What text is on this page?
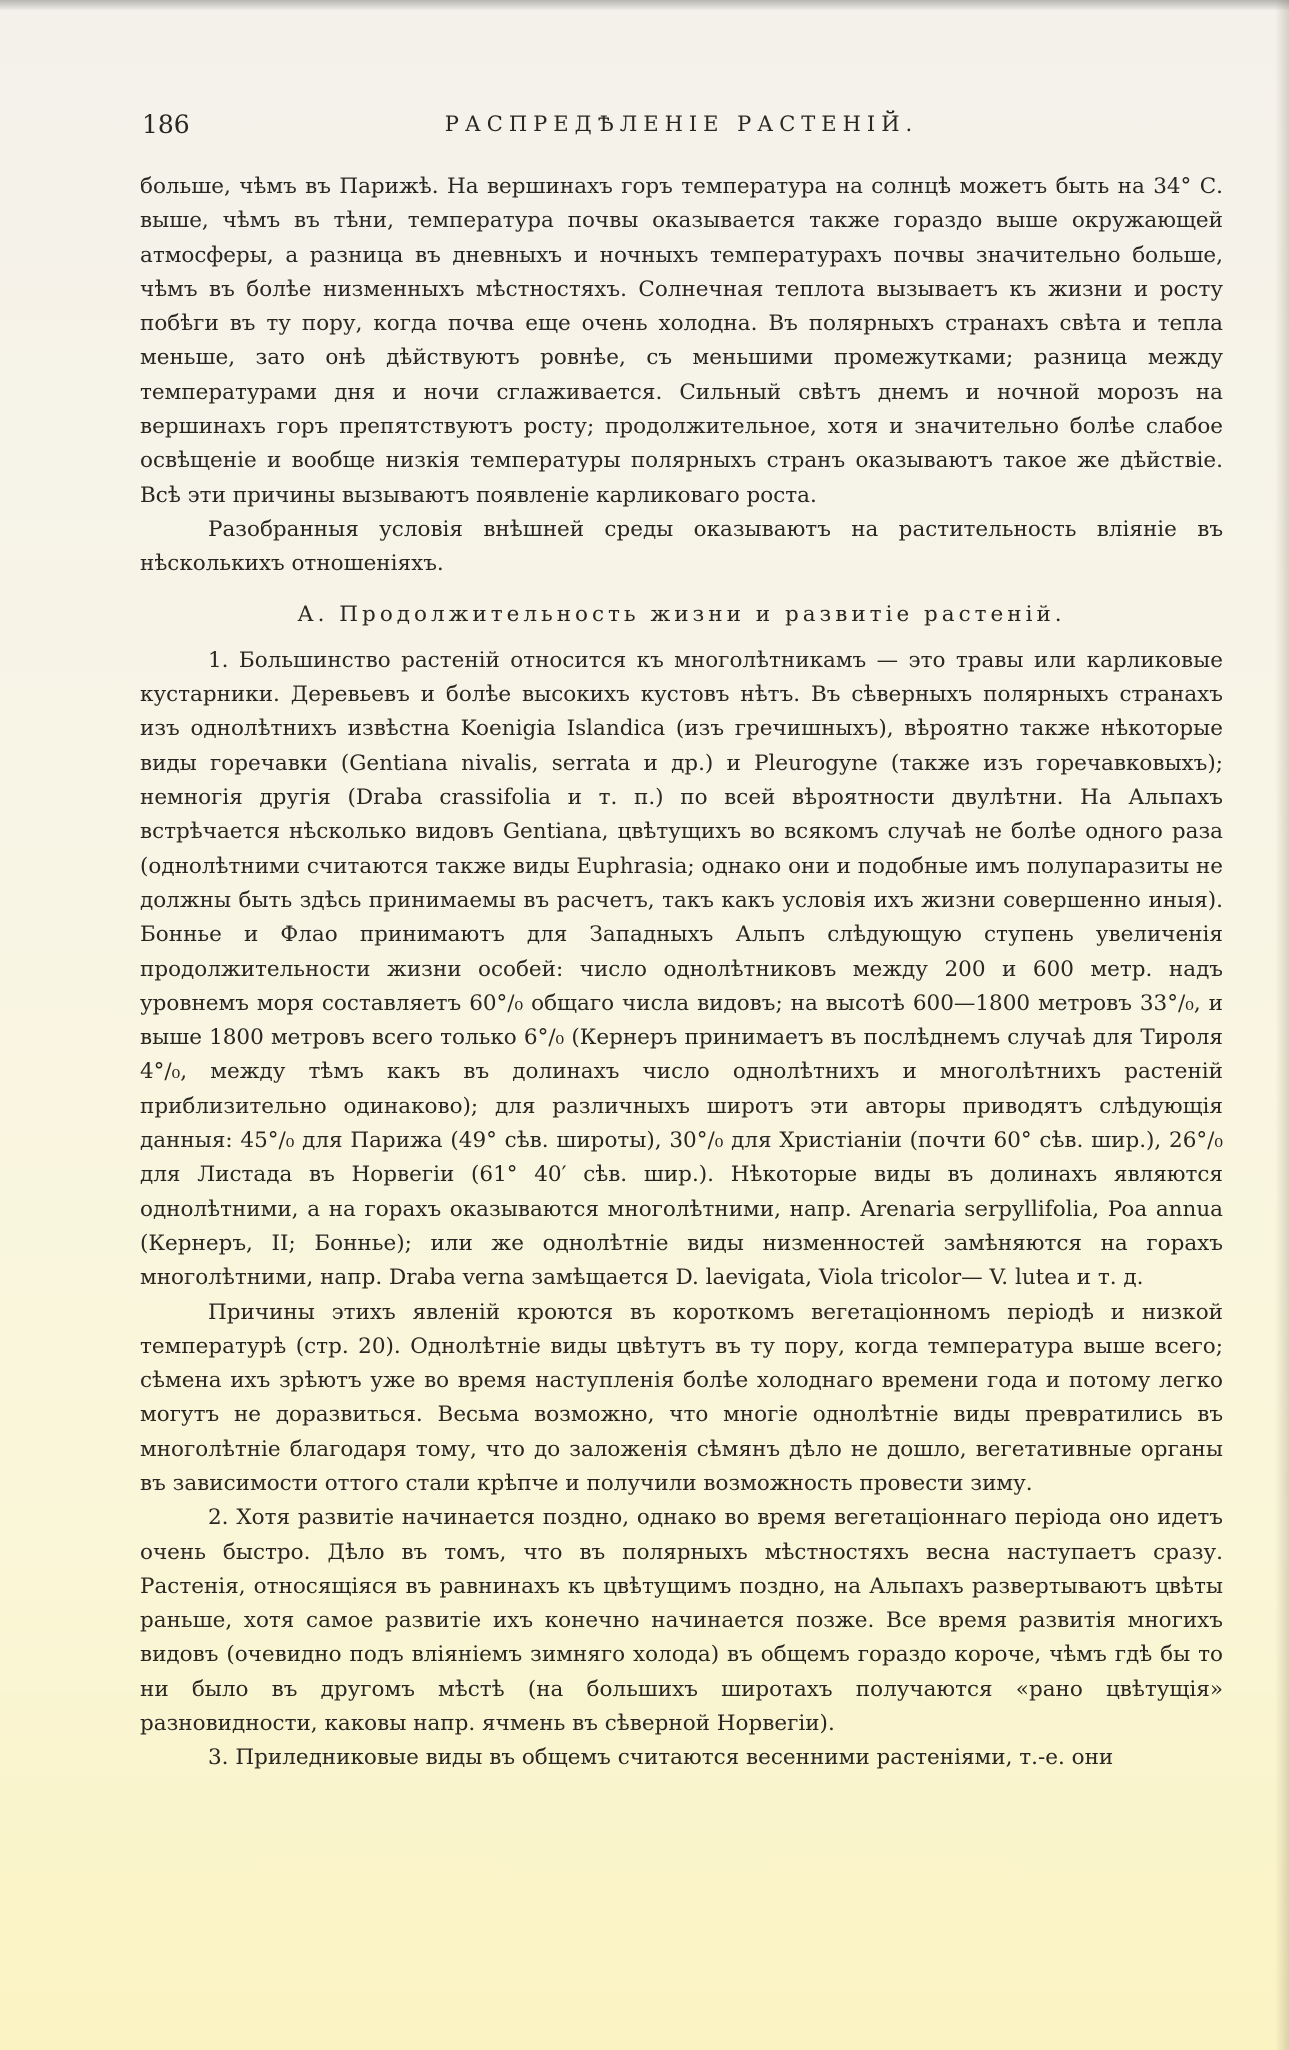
186	РАСПРЕДѢЛЕНІЕ РАСТЕНІЙ.

больше, чѣмъ въ Парижѣ. На вершинахъ горъ температура на солнцѣ можетъ быть на 34° С. выше, чѣмъ въ тѣни, температура почвы оказывается также гораздо выше окружающей атмосферы, а разница въ дневныхъ и ночныхъ температурахъ почвы значительно больше, чѣмъ въ болѣе низменныхъ мѣстностяхъ. Солнечная теплота вызываетъ къ жизни и росту побѣги въ ту пору, когда почва еще очень холодна. Въ полярныхъ странахъ свѣта и тепла меньше, зато онѣ дѣйствуютъ ровнѣе, съ меньшими промежутками; разница между температурами дня и ночи сглаживается. Сильный свѣтъ днемъ и ночной морозъ на вершинахъ горъ препятствуютъ росту; продолжительное, хотя и значительно болѣе слабое освѣщеніе и вообще низкія температуры полярныхъ странъ оказываютъ такое же дѣйствіе. Всѣ эти причины вызываютъ появленіе карликоваго роста.

Разобранныя условія внѣшней среды оказываютъ на растительность вліяніе въ нѣсколькихъ отношеніяхъ.

А. Продолжительность жизни и развитіе растеній.

1. Большинство растеній относится къ многолѣтникамъ — это травы или карликовые кустарники. Деревьевъ и болѣе высокихъ кустовъ нѣтъ. Въ сѣверныхъ полярныхъ странахъ изъ однолѣтнихъ извѣстна Koenigia Islandica (изъ гречишныхъ), вѣроятно также нѣкоторые виды горечавки (Gentiana nivalis, serrata и др.) и Pleurogyne (также изъ горечавковыхъ); немногія другія (Draba crassifolia и т. п.) по всей вѣроятности двулѣтни. На Альпахъ встрѣчается нѣсколько видовъ Gentiana, цвѣтущихъ во всякомъ случаѣ не болѣе одного раза (однолѣтними считаются также виды Euphrasia; однако они и подобные имъ полупаразиты не должны быть здѣсь принимаемы въ расчетъ, такъ какъ условія ихъ жизни совершенно иныя). Бонньe и Флао принимаютъ для Западныхъ Альпъ слѣдующую ступень увеличенія продолжительности жизни особей: число однолѣтниковъ между 200 и 600 метр. надъ уровнемъ моря составляетъ 60°/₀ общаго числа видовъ; на высотѣ 600—1800 метровъ 33°/₀, и выше 1800 метровъ всего только 6°/₀ (Кернеръ принимаетъ въ послѣднемъ случаѣ для Тироля 4°/₀, между тѣмъ какъ въ долинахъ число однолѣтнихъ и многолѣтнихъ растеній приблизительно одинаково); для различныхъ широтъ эти авторы приводятъ слѣдующія данныя: 45°/₀ для Парижа (49° сѣв. широты), 30°/₀ для Христіаніи (почти 60° сѣв. шир.), 26°/₀ для Листада въ Норвегіи (61° 40′ сѣв. шир.). Нѣкоторые виды въ долинахъ являются однолѣтними, а на горахъ оказываются многолѣтними, напр. Arenaria serpyllifolia, Poa annua (Кернеръ, II; Бонньe); или же однолѣтніе виды низменностей замѣняются на горахъ многолѣтними, напр. Draba verna замѣщается D. laevigata, Viola tricolor— V. lutea и т. д.

Причины этихъ явленій кроются въ короткомъ вегетаціонномъ періодѣ и низкой температурѣ (стр. 20). Однолѣтніе виды цвѣтутъ въ ту пору, когда температура выше всего; сѣмена ихъ зрѣютъ уже во время наступленія болѣе холоднаго времени года и потому легко могутъ не доразвиться. Весьма возможно, что многіе однолѣтніе виды превратились въ многолѣтніе благодаря тому, что до заложенія сѣмянъ дѣло не дошло, вегетативные органы въ зависимости оттого стали крѣпче и получили возможность провести зиму.

2. Хотя развитіе начинается поздно, однако во время вегетаціоннаго періода оно идетъ очень быстро. Дѣло въ томъ, что въ полярныхъ мѣстностяхъ весна наступаетъ сразу. Растенія, относящіяся въ равнинахъ къ цвѣтущимъ поздно, на Альпахъ развертываютъ цвѣты раньше, хотя самое развитіе ихъ конечно начинается позже. Все время развитія многихъ видовъ (очевидно подъ вліяніемъ зимняго холода) въ общемъ гораздо короче, чѣмъ гдѣ бы то ни было въ другомъ мѣстѣ (на большихъ широтахъ получаются «рано цвѣтущія» разновидности, каковы напр. ячмень въ сѣверной Норвегіи).

3. Приледниковые виды въ общемъ считаются весенними растеніями, т.-е. они
